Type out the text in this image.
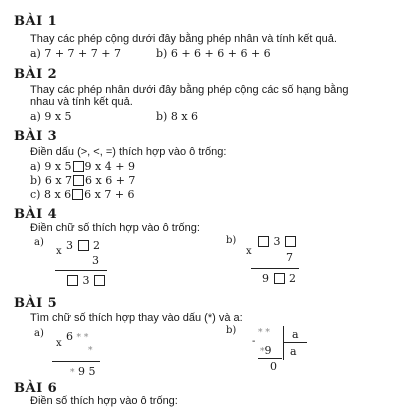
BÀI 1
Thay các phép cộng dưới đây bằng phép nhân và tính kết quả.
a) 7 + 7 + 7 + 7	b) 6 + 6 + 6 + 6 + 6
BÀI 2
Thay các phép nhân dưới đây bằng phép cộng các số hạng bằng
nhau và tính kết quả.
a) 9 x 5	b) 8 x 6
BÀI 3
Điền dấu (>, <, =) thích hợp vào ô trống:
a) 9 x 5 9 x 4 + 9
b) 6 x 7 6 x 6 + 7
c) 8 x 6 6 x 7 + 6
BÀI 4
Điền chữ số thích hợp vào ô trống:
a)
x 3 2
3
3
b)
x
3
7
9 2
BÀI 5
Tìm chữ số thích hợp thay vào dấu (*) và a:
a)
x
6 * *
*
* 9 5
b) * * a
-
*9 a
0
BÀI 6
Điền số thích hợp vào ô trống:
